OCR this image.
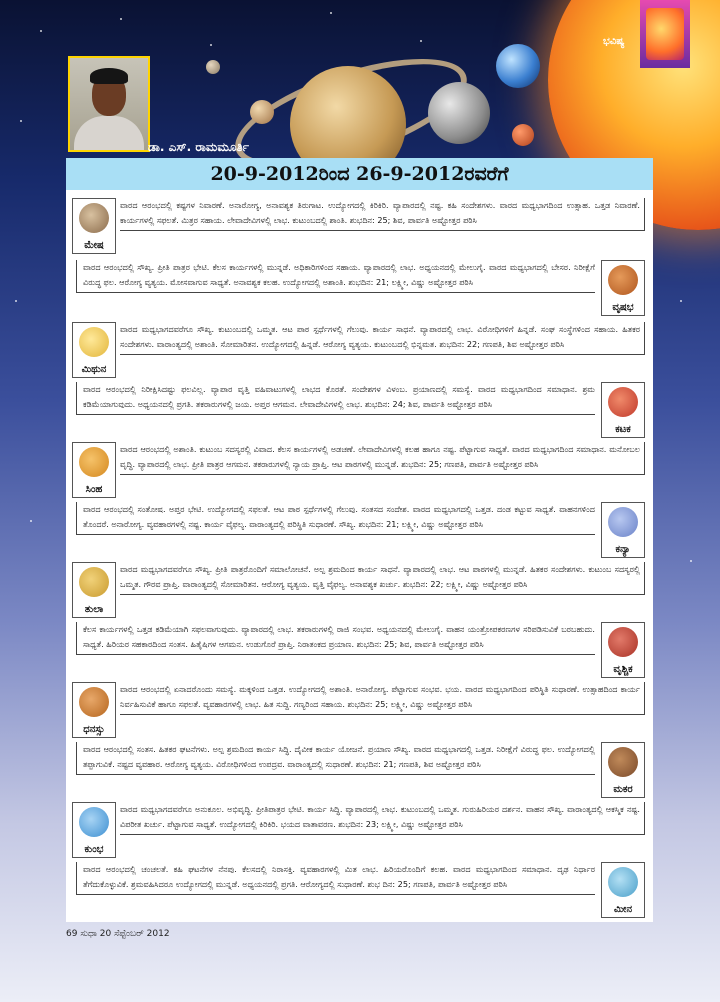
ಭವಿಷ್ಯ
ಡಾ. ಎಸ್. ರಾಮಮೂರ್ತಿ
20-9-2012ರಿಂದ 26-9-2012ರವರೆಗೆ
ಮೇಷ
ವಾರದ ಆರಂಭದಲ್ಲಿ ಕಷ್ಟಗಳ ನಿವಾರಣೆ. ಅನಾರೋಗ್ಯ, ಅನಾವಶ್ಯಕ ತಿರುಗಾಟ. ಉದ್ಯೋಗದಲ್ಲಿ ಕಿರಿಕಿರಿ. ವ್ಯಾಪಾರದಲ್ಲಿ ನಷ್ಟ. ಕಹಿ ಸಂದೇಶಗಳು. ವಾರದ ಮಧ್ಯಭಾಗದಿಂದ ಉತ್ಸಾಹ. ಒತ್ತಡ ನಿವಾರಣೆ. ಕಾರ್ಯಗಳಲ್ಲಿ ಸಫಲತೆ. ಮಿತ್ರರ ಸಹಾಯ. ಲೇವಾದೇವಿಗಳಲ್ಲಿ ಲಾಭ. ಕುಟುಂಬದಲ್ಲಿ ಶಾಂತಿ. ಶುಭದಿನ: 25; ಶಿವ, ಪಾರ್ವತಿ ಅಷ್ಟೋತ್ತರ ಪಠಿಸಿ
ವಾರದ ಆರಂಭದಲ್ಲಿ ಸೌಖ್ಯ. ಪ್ರೀತಿ ಪಾತ್ರರ ಭೇಟಿ. ಕೆಲಸ ಕಾರ್ಯಗಳಲ್ಲಿ ಮುನ್ನಡೆ. ಅಧಿಕಾರಿಗಳಿಂದ ಸಹಾಯ. ವ್ಯಾಪಾರದಲ್ಲಿ ಲಾಭ. ಅಧ್ಯಯನದಲ್ಲಿ ಮೇಲುಗೈ. ವಾರದ ಮಧ್ಯಭಾಗದಲ್ಲಿ ಬೇಸರ. ನಿರೀಕ್ಷೆಗೆ ವಿರುದ್ಧ ಫಲ. ಆರೋಗ್ಯ ವ್ಯತ್ಯಯ. ಮೋಸವಾಗುವ ಸಾಧ್ಯತೆ. ಅನಾವಶ್ಯಕ ಕಲಹ. ಉದ್ಯೋಗದಲ್ಲಿ ಅಶಾಂತಿ. ಶುಭದಿನ: 21; ಲಕ್ಷ್ಮೀ, ವಿಷ್ಣು ಅಷ್ಟೋತ್ತರ ಪಠಿಸಿ
ವೃಷಭ
ಮಿಥುನ
ವಾರದ ಮಧ್ಯಭಾಗದವರೆಗೂ ಸೌಖ್ಯ. ಕುಟುಂಬದಲ್ಲಿ ಒಮ್ಮತ. ಆಟ ಪಾಠ ಸ್ಪರ್ಧೆಗಳಲ್ಲಿ ಗೆಲುವು. ಕಾರ್ಯ ಸಾಧನೆ. ವ್ಯಾಪಾರದಲ್ಲಿ ಲಾಭ. ವಿರೋಧಿಗಳಿಗೆ ಹಿನ್ನಡೆ. ಸಂಘ ಸಂಸ್ಥೆಗಳಿಂದ ಸಹಾಯ. ಹಿತಕರ ಸಂದೇಶಗಳು. ವಾರಾಂತ್ಯದಲ್ಲಿ ಅಶಾಂತಿ. ಸೋಮಾರಿತನ. ಉದ್ಯೋಗದಲ್ಲಿ ಹಿನ್ನಡೆ. ಆರೋಗ್ಯ ವ್ಯತ್ಯಯ. ಕುಟುಂಬದಲ್ಲಿ ಭಿನ್ನಮತ. ಶುಭದಿನ: 22; ಗಣಪತಿ, ಶಿವ ಅಷ್ಟೋತ್ತರ ಪಠಿಸಿ
ವಾರದ ಆರಂಭದಲ್ಲಿ ನಿರೀಕ್ಷಿಸಿದಷ್ಟು ಫಲವಿಲ್ಲ. ವ್ಯಾಪಾರ ವೃತ್ತಿ ವಹಿವಾಟುಗಳಲ್ಲಿ ಲಾಭದ ಕೊರತೆ. ಸಂದೇಶಗಳ ವಿಳಂಬ. ಪ್ರಯಾಣದಲ್ಲಿ ಸಮಸ್ಯೆ. ವಾರದ ಮಧ್ಯಭಾಗದಿಂದ ಸಮಾಧಾನ. ಶ್ರಮ ಕಡಿಮೆಯಾಗುವುದು. ಅಧ್ಯಯನದಲ್ಲಿ ಪ್ರಗತಿ. ತಕರಾರುಗಳಲ್ಲಿ ಜಯ. ಅಪ್ತರ ಆಗಮನ. ಲೇವಾದೇವಿಗಳಲ್ಲಿ ಲಾಭ. ಶುಭದಿನ: 24; ಶಿವ, ಪಾರ್ವತಿ ಅಷ್ಟೋತ್ತರ ಪಠಿಸಿ
ಕಟಕ
ಸಿಂಹ
ವಾರದ ಆರಂಭದಲ್ಲಿ ಅಶಾಂತಿ. ಕುಟುಂಬ ಸದಸ್ಯರಲ್ಲಿ ವಿವಾದ. ಕೆಲಸ ಕಾರ್ಯಗಳಲ್ಲಿ ಅಡಚಣೆ. ಲೇವಾದೇವಿಗಳಲ್ಲಿ ಕಲಹ ಹಾಗೂ ನಷ್ಟ. ಪೆಟ್ಟಾಗುವ ಸಾಧ್ಯತೆ. ವಾರದ ಮಧ್ಯಭಾಗದಿಂದ ಸಮಾಧಾನ. ಮನೋಬಲ ವೃದ್ಧಿ. ವ್ಯಾಪಾರದಲ್ಲಿ ಲಾಭ. ಪ್ರೀತಿ ಪಾತ್ರರ ಆಗಮನ. ತಕರಾರುಗಳಲ್ಲಿ ನ್ಯಾಯ ಪ್ರಾಪ್ತಿ. ಆಟ ಪಾಠಗಳಲ್ಲಿ ಮುನ್ನಡೆ. ಶುಭದಿನ: 25; ಗಣಪತಿ, ಪಾರ್ವತಿ ಅಷ್ಟೋತ್ತರ ಪಠಿಸಿ
ವಾರದ ಆರಂಭದಲ್ಲಿ ಸಂತೋಷ. ಅಪ್ತರ ಭೇಟಿ. ಉದ್ಯೋಗದಲ್ಲಿ ಸಫಲತೆ. ಆಟ ಪಾಠ ಸ್ಪರ್ಧೆಗಳಲ್ಲಿ ಗೆಲುವು. ಸಂತಸದ ಸಂದೇಶ. ವಾರದ ಮಧ್ಯಭಾಗದಲ್ಲಿ ಒತ್ತಡ. ದಂಡ ಕಟ್ಟುವ ಸಾಧ್ಯತೆ. ವಾಹನಗಳಿಂದ ತೊಂದರೆ. ಅನಾರೋಗ್ಯ. ವ್ಯವಹಾರಗಳಲ್ಲಿ ನಷ್ಟ. ಕಾರ್ಯ ವೈಫಲ್ಯ. ವಾರಾಂತ್ಯದಲ್ಲಿ ಪರಿಸ್ಥಿತಿ ಸುಧಾರಣೆ. ಸೌಖ್ಯ. ಶುಭದಿನ: 21; ಲಕ್ಷ್ಮೀ, ವಿಷ್ಣು ಅಷ್ಟೋತ್ತರ ಪಠಿಸಿ
ಕನ್ಯಾ
ತುಲಾ
ವಾರದ ಮಧ್ಯಭಾಗದವರೆಗೂ ಸೌಖ್ಯ. ಪ್ರೀತಿ ಪಾತ್ರರೊಂದಿಗೆ ಸಮಾಲೋಚನೆ. ಅಲ್ಪ ಶ್ರಮದಿಂದ ಕಾರ್ಯ ಸಾಧನೆ. ವ್ಯಾಪಾರದಲ್ಲಿ ಲಾಭ. ಆಟ ಪಾಠಗಳಲ್ಲಿ ಮುನ್ನಡೆ. ಹಿತಕರ ಸಂದೇಶಗಳು. ಕುಟುಂಬ ಸದಸ್ಯರಲ್ಲಿ ಒಮ್ಮತ. ಗೌರವ ಪ್ರಾಪ್ತಿ. ವಾರಾಂತ್ಯದಲ್ಲಿ ಸೋಮಾರಿತನ. ಆರೋಗ್ಯ ವ್ಯತ್ಯಯ. ವೃತ್ತಿ ವೈಫಲ್ಯ. ಅನಾವಶ್ಯಕ ಖರ್ಚು. ಶುಭದಿನ: 22; ಲಕ್ಷ್ಮೀ, ವಿಷ್ಣು ಅಷ್ಟೋತ್ತರ ಪಠಿಸಿ
ಕೆಲಸ ಕಾರ್ಯಗಳಲ್ಲಿ ಒತ್ತಡ ಕಡಿಮೆಯಾಗಿ ಸಫಲವಾಗುವುದು. ವ್ಯಾಪಾರದಲ್ಲಿ ಲಾಭ. ತಕರಾರುಗಳಲ್ಲಿ ರಾಜಿ ಸಂಭವ. ಅಧ್ಯಯನದಲ್ಲಿ ಮೇಲುಗೈ. ವಾಹನ ಯಂತ್ರೋಪಕರಣಗಳ ಸರಿಪಡಿಸುವಿಕೆ ಬರಬಹುದು. ಸಾಧ್ಯತೆ. ಹಿರಿಯರ ಸಹಕಾರದಿಂದ ಸಂತಸ. ಹಿತೈಷಿಗಳ ಆಗಮನ. ಉಡುಗೊರೆ ಪ್ರಾಪ್ತಿ. ನಿರಾತಂಕದ ಪ್ರಯಾಣ. ಶುಭದಿನ: 25; ಶಿವ, ಪಾರ್ವತಿ ಅಷ್ಟೋತ್ತರ ಪಠಿಸಿ
ವೃಶ್ಚಿಕ
ಧನಸ್ಸು
ವಾರದ ಆರಂಭದಲ್ಲಿ ಏನಾದರೊಂದು ಸಮಸ್ಯೆ. ಮಕ್ಕಳಿಂದ ಒತ್ತಡ. ಉದ್ಯೋಗದಲ್ಲಿ ಅಶಾಂತಿ. ಅನಾರೋಗ್ಯ. ಪೆಟ್ಟಾಗುವ ಸಂಭವ. ಭಯ. ವಾರದ ಮಧ್ಯಭಾಗದಿಂದ ಪರಿಸ್ಥಿತಿ ಸುಧಾರಣೆ. ಉತ್ಸಾಹದಿಂದ ಕಾರ್ಯ ನಿರ್ವಹಿಸುವಿಕೆ ಹಾಗೂ ಸಫಲತೆ. ವ್ಯವಹಾರಗಳಲ್ಲಿ ಲಾಭ. ಹಿತ ಸುದ್ದಿ. ಗಣ್ಯರಿಂದ ಸಹಾಯ. ಶುಭದಿನ: 25; ಲಕ್ಷ್ಮೀ, ವಿಷ್ಣು ಅಷ್ಟೋತ್ತರ ಪಠಿಸಿ
ವಾರದ ಆರಂಭದಲ್ಲಿ ಸಂತಸ. ಹಿತಕರ ಘಟನೆಗಳು. ಅಲ್ಪ ಶ್ರಮದಿಂದ ಕಾರ್ಯ ಸಿದ್ಧಿ. ದೈವೀಕ ಕಾರ್ಯ ಯೋಜನೆ. ಪ್ರಯಾಣ ಸೌಖ್ಯ. ವಾರದ ಮಧ್ಯಭಾಗದಲ್ಲಿ ಒತ್ತಡ. ನಿರೀಕ್ಷೆಗೆ ವಿರುದ್ಧ ಫಲ. ಉದ್ಯೋಗದಲ್ಲಿ ತಪ್ಪಾಗುವಿಕೆ. ನಷ್ಟದ ವ್ಯವಹಾರ. ಆರೋಗ್ಯ ವ್ಯತ್ಯಯ. ವಿರೋಧಿಗಳಿಂದ ಉಪದ್ರವ. ವಾರಾಂತ್ಯದಲ್ಲಿ ಸುಧಾರಣೆ. ಶುಭದಿನ: 21; ಗಣಪತಿ, ಶಿವ ಅಷ್ಟೋತ್ತರ ಪಠಿಸಿ
ಮಕರ
ಕುಂಭ
ವಾರದ ಮಧ್ಯಭಾಗದವರೆಗೂ ಅನುಕೂಲ. ಅಭಿವೃದ್ಧಿ. ಪ್ರೀತಿಪಾತ್ರರ ಭೇಟಿ. ಕಾರ್ಯ ಸಿದ್ಧಿ. ವ್ಯಾಪಾರದಲ್ಲಿ ಲಾಭ. ಕುಟುಂಬದಲ್ಲಿ ಒಮ್ಮತ. ಗುರುಹಿರಿಯರ ದರ್ಶನ. ವಾಹನ ಸೌಖ್ಯ. ವಾರಾಂತ್ಯದಲ್ಲಿ ಆಕಸ್ಮಿಕ ನಷ್ಟ. ವಿಪರೀತ ಖರ್ಚು. ಪೆಟ್ಟಾಗುವ ಸಾಧ್ಯತೆ. ಉದ್ಯೋಗದಲ್ಲಿ ಕಿರಿಕಿರಿ. ಭಯದ ವಾತಾವರಣ. ಶುಭದಿನ: 23; ಲಕ್ಷ್ಮೀ, ವಿಷ್ಣು ಅಷ್ಟೋತ್ತರ ಪಠಿಸಿ
ವಾರದ ಆರಂಭದಲ್ಲಿ ಚಂಚಲತೆ. ಕಹಿ ಘಟನೆಗಳ ನೆನಪು. ಕೆಲಸದಲ್ಲಿ ನಿರಾಸಕ್ತಿ. ವ್ಯವಹಾರಗಳಲ್ಲಿ ಮಿತ ಲಾಭ. ಹಿರಿಯರೊಂದಿಗೆ ಕಲಹ. ವಾರದ ಮಧ್ಯಭಾಗದಿಂದ ಸಮಾಧಾನ. ದೃಢ ನಿರ್ಧಾರ ತೆಗೆದುಕೊಳ್ಳುವಿಕೆ. ಶ್ರಮವಹಿಸಿದರೂ ಉದ್ಯೋಗದಲ್ಲಿ ಮುನ್ನಡೆ. ಅಧ್ಯಯನದಲ್ಲಿ ಪ್ರಗತಿ. ಆರೋಗ್ಯದಲ್ಲಿ ಸುಧಾರಣೆ. ಶುಭ ದಿನ: 25; ಗಣಪತಿ, ಪಾರ್ವತಿ ಅಷ್ಟೋತ್ತರ ಪಠಿಸಿ
ಮೀನ
69 ಸುಧಾ 20 ಸೆಪ್ಟೆಂಬರ್ 2012
